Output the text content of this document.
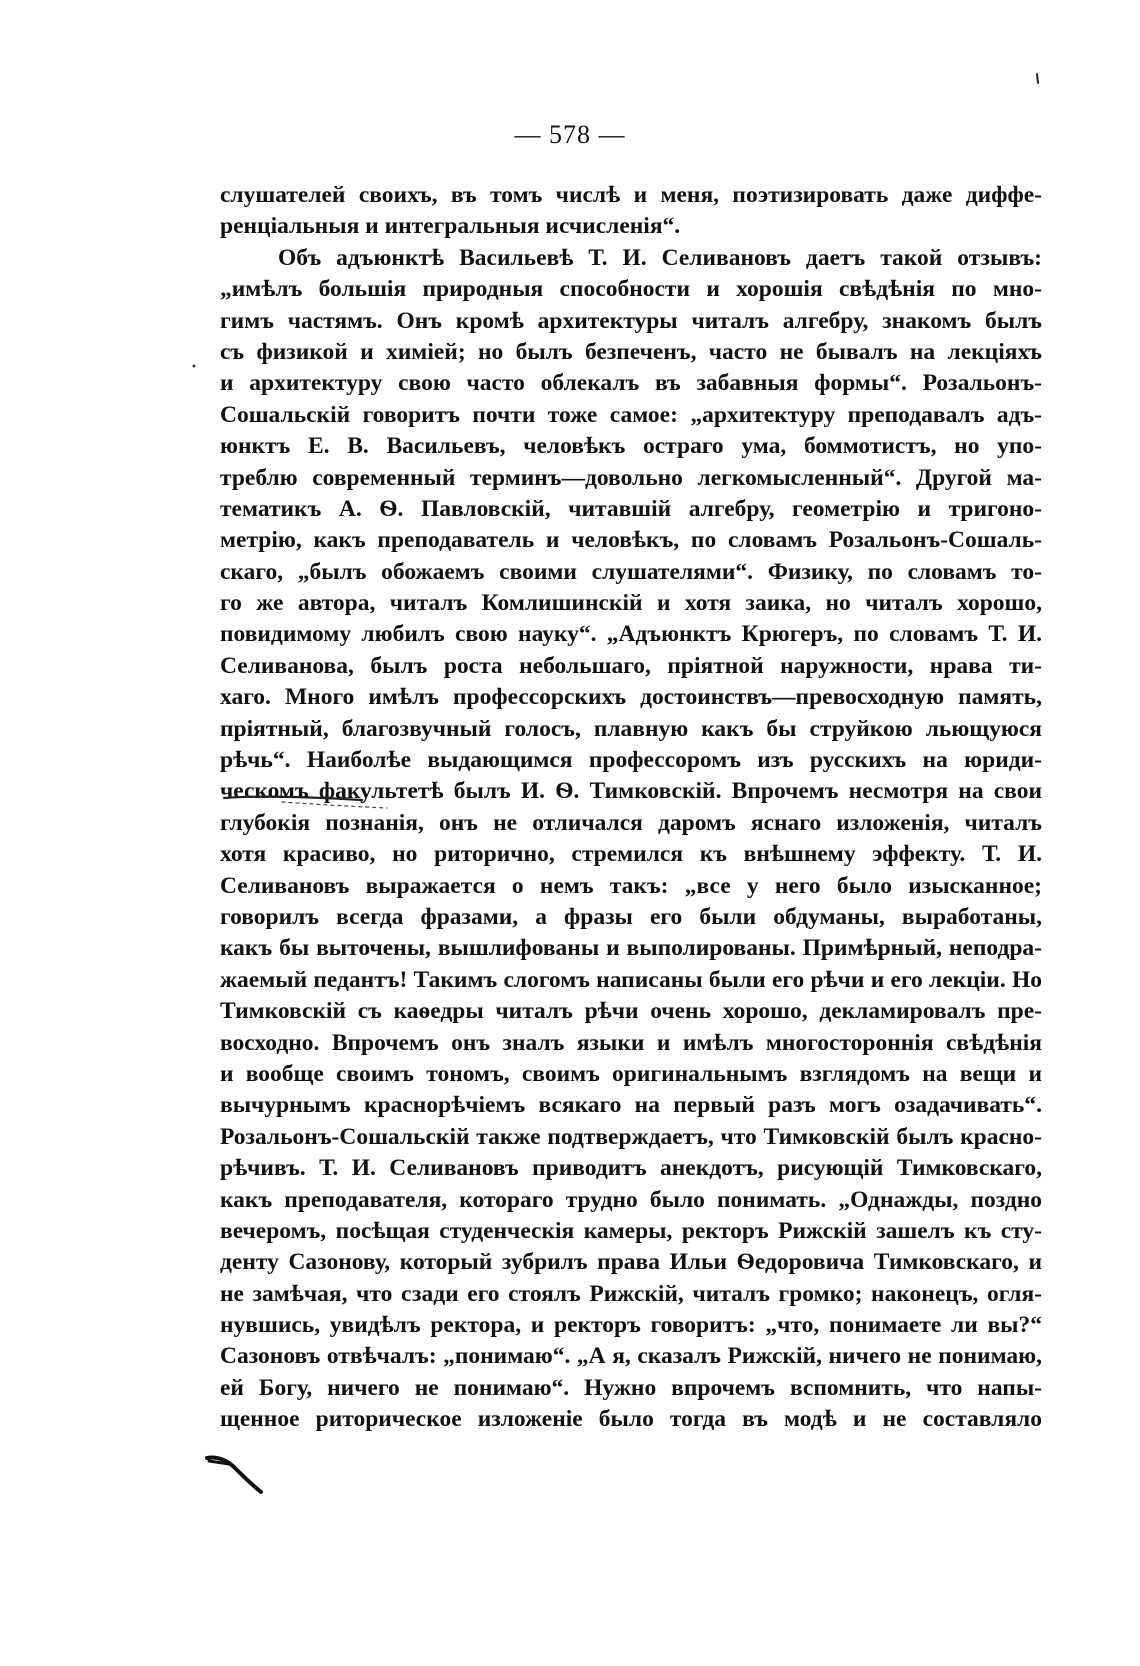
— 578 —
слушателей своихъ, въ томъ числѣ и меня, поэтизировать даже диффе-
ренціальныя и интегральныя исчисленія“.
Объ адъюнктѣ Васильевѣ Т. И. Селивановъ даетъ такой отзывъ:
„имѣлъ большія природныя способности и хорошія свѣдѣнія по мно-
гимъ частямъ. Онъ кромѣ архитектуры читалъ алгебру, знакомъ былъ
съ физикой и химіей; но былъ безпеченъ, часто не бывалъ на лекціяхъ
и архитектуру свою часто облекалъ въ забавныя формы“. Розальонъ-
Сошальскій говоритъ почти тоже самое: „архитектуру преподавалъ адъ-
юнктъ Е. В. Васильевъ, человѣкъ остраго ума, боммотистъ, но упо-
треблю современный терминъ—довольно легкомысленный“. Другой ма-
тематикъ А. Ѳ. Павловскій, читавшій алгебру, геометрію и тригоно-
метрію, какъ преподаватель и человѣкъ, по словамъ Розальонъ-Сошаль-
скаго, „былъ обожаемъ своими слушателями“. Физику, по словамъ то-
го же автора, читалъ Комлишинскій и хотя заика, но читалъ хорошо,
повидимому любилъ свою науку“. „Адъюнктъ Крюгеръ, по словамъ Т. И.
Селиванова, былъ роста небольшаго, пріятной наружности, нрава ти-
хаго. Много имѣлъ профессорскихъ достоинствъ—превосходную память,
пріятный, благозвучный голосъ, плавную какъ бы струйкою льющуюся
рѣчь“. Наиболѣе выдающимся профессоромъ изъ русскихъ на юриди-
ческомъ факультетѣ былъ И. Ѳ. Тимковскій. Впрочемъ несмотря на свои
глубокія познанія, онъ не отличался даромъ яснаго изложенія, читалъ
хотя красиво, но риторично, стремился къ внѣшнему эффекту. Т. И.
Селивановъ выражается о немъ такъ: „все у него было изысканное;
говорилъ всегда фразами, а фразы его были обдуманы, выработаны,
какъ бы выточены, вышлифованы и выполированы. Примѣрный, неподра-
жаемый педантъ! Такимъ слогомъ написаны были его рѣчи и его лекціи. Но
Тимковскій съ каѳедры читалъ рѣчи очень хорошо, декламировалъ пре-
восходно. Впрочемъ онъ зналъ языки и имѣлъ многостороннія свѣдѣнія
и вообще своимъ тономъ, своимъ оригинальнымъ взглядомъ на вещи и
вычурнымъ краснорѣчіемъ всякаго на первый разъ могъ озадачивать“.
Розальонъ-Сошальскій также подтверждаетъ, что Тимковскій былъ красно-
рѣчивъ. Т. И. Селивановъ приводитъ анекдотъ, рисующій Тимковскаго,
какъ преподавателя, котораго трудно было понимать. „Однажды, поздно
вечеромъ, посѣщая студенческія камеры, ректоръ Рижскій зашелъ къ сту-
денту Сазонову, который зубрилъ права Ильи Ѳедоровича Тимковскаго, и
не замѣчая, что сзади его стоялъ Рижскій, читалъ громко; наконецъ, огля-
нувшись, увидѣлъ ректора, и ректоръ говоритъ: „что, понимаете ли вы?“
Сазоновъ отвѣчалъ: „понимаю“. „А я, сказалъ Рижскій, ничего не понимаю,
ей Богу, ничего не понимаю“. Нужно впрочемъ вспомнить, что напы-
щенное риторическое изложеніе было тогда въ модѣ и не составляло
